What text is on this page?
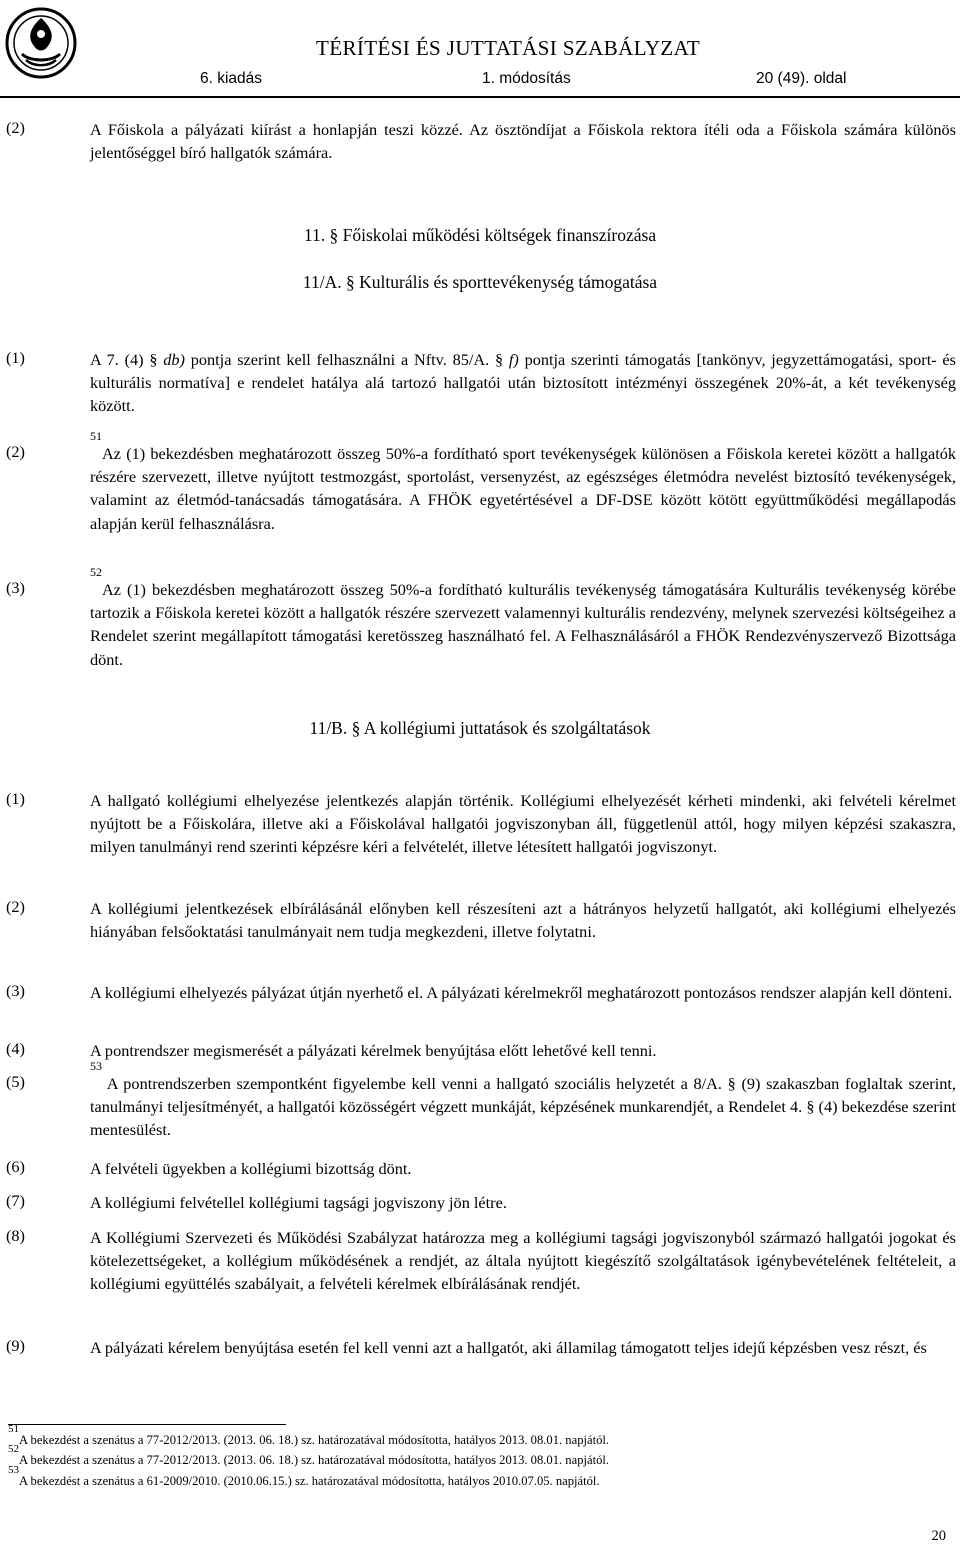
TÉRÍTÉSI ÉS JUTTATÁSI SZABÁLYZAT
6. kiadás	1. módosítás	20 (49). oldal
(2)	A Főiskola a pályázati kiírást a honlapján teszi közzé. Az ösztöndíjat a Főiskola rektora ítéli oda a Főiskola számára különös jelentőséggel bíró hallgatók számára.
11. § Főiskolai működési költségek finanszírozása
11/A. § Kulturális és sporttevékenység támogatása
(1)	A 7. (4) § db) pontja szerint kell felhasználni a Nftv. 85/A. § f) pontja szerinti támogatás [tankönyv, jegyzettámogatási, sport- és kulturális normatíva] e rendelet hatálya alá tartozó hallgatói után biztosított intézményi összegének 20%-át, a két tevékenység között.
(2)
$^{51}$Az (1) bekezdésben meghatározott összeg 50%-a fordítható sport tevékenységek különösen a Főiskola keretei között a hallgatók részére szervezett, illetve nyújtott testmozgást, sportolást, versenyzést, az egészséges életmódra nevelést biztosító tevékenységek, valamint az életmód-tanácsadás támogatására. A FHÖK egyetértésével a DF-DSE között kötött együttműködési megállapodás alapján kerül felhasználásra.
(3)
$^{52}$Az (1) bekezdésben meghatározott összeg 50%-a fordítható kulturális tevékenység támogatására Kulturális tevékenység körébe tartozik a Főiskola keretei között a hallgatók részére szervezett valamennyi kulturális rendezvény, melynek szervezési költségeihez a Rendelet szerint megállapított támogatási keretösszeg használható fel. A Felhasználásáról a FHÖK Rendezvényszervező Bizottsága dönt.
11/B. § A kollégiumi juttatások és szolgáltatások
(1)	A hallgató kollégiumi elhelyezése jelentkezés alapján történik. Kollégiumi elhelyezését kérheti mindenki, aki felvételi kérelmet nyújtott be a Főiskolára, illetve aki a Főiskolával hallgatói jogviszonyban áll, függetlenül attól, hogy milyen képzési szakaszra, milyen tanulmányi rend szerinti képzésre kéri a felvételét, illetve létesített hallgatói jogviszonyt.
(2)	A kollégiumi jelentkezések elbírálásánál előnyben kell részesíteni azt a hátrányos helyzetű hallgatót, aki kollégiumi elhelyezés hiányában felsőoktatási tanulmányait nem tudja megkezdeni, illetve folytatni.
(3)	A kollégiumi elhelyezés pályázat útján nyerhető el. A pályázati kérelmekről meghatározott pontozásos rendszer alapján kell dönteni.
(4)	A pontrendszer megismerését a pályázati kérelmek benyújtása előtt lehetővé kell tenni.
(5)
$^{53}$ A pontrendszerben szempontként figyelembe kell venni a hallgató szociális helyzetét a 8/A. § (9) szakaszban foglaltak szerint, tanulmányi teljesítményét, a hallgatói közösségért végzett munkáját, képzésének munkarendjét, a Rendelet 4. § (4) bekezdése szerint mentesülést.
(6)	A felvételi ügyekben a kollégiumi bizottság dönt.
(7)	A kollégiumi felvétellel kollégiumi tagsági jogviszony jön létre.
(8)	A Kollégiumi Szervezeti és Működési Szabályzat határozza meg a kollégiumi tagsági jogviszonyból származó hallgatói jogokat és kötelezettségeket, a kollégium működésének a rendjét, az általa nyújtott kiegészítő szolgáltatások igénybevételének feltételeit, a kollégiumi együttélés szabályait, a felvételi kérelmek elbírálásának rendjét.
(9)	A pályázati kérelem benyújtása esetén fel kell venni azt a hallgatót, aki államilag támogatott teljes idejű képzésben vesz részt, és
$^{51}$A bekezdést a szenátus a 77-2012/2013. (2013. 06. 18.) sz. határozatával módosította, hatályos 2013. 08.01. napjától.
$^{52}$A bekezdést a szenátus a 77-2012/2013. (2013. 06. 18.) sz. határozatával módosította, hatályos 2013. 08.01. napjától.
$^{53}$A bekezdést a szenátus a 61-2009/2010. (2010.06.15.) sz. határozatával módosította, hatályos 2010.07.05. napjától.
20
